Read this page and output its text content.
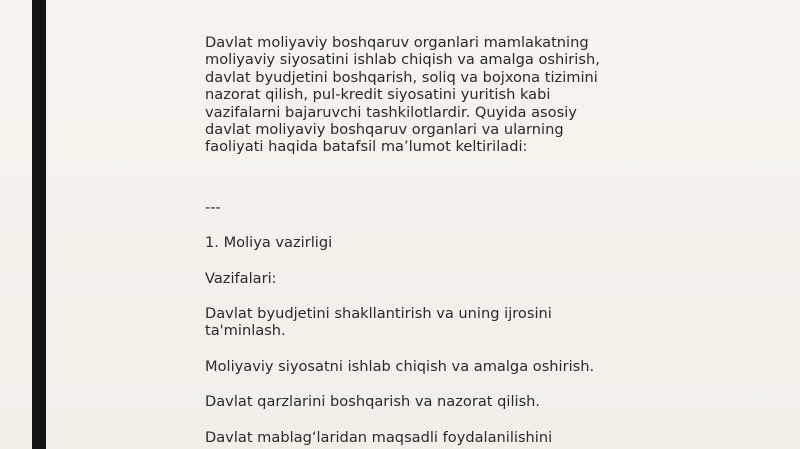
Davlat moliyaviy boshqaruv organlari mamlakatning moliyaviy siyosatini ishlab chiqish va amalga oshirish, davlat byudjetini boshqarish, soliq va bojxona tizimini nazorat qilish, pul-kredit siyosatini yuritish kabi vazifalarni bajaruvchi tashkilotlardir. Quyida asosiy davlat moliyaviy boshqaruv organlari va ularning faoliyati haqida batafsil ma’lumot keltiriladi:

---

1. Moliya vazirligi

Vazifalari:

Davlat byudjetini shakllantirish va uning ijrosini ta'minlash.

Moliyaviy siyosatni ishlab chiqish va amalga oshirish.

Davlat qarzlarini boshqarish va nazorat qilish.

Davlat mablag‘laridan maqsadli foydalanilishini
